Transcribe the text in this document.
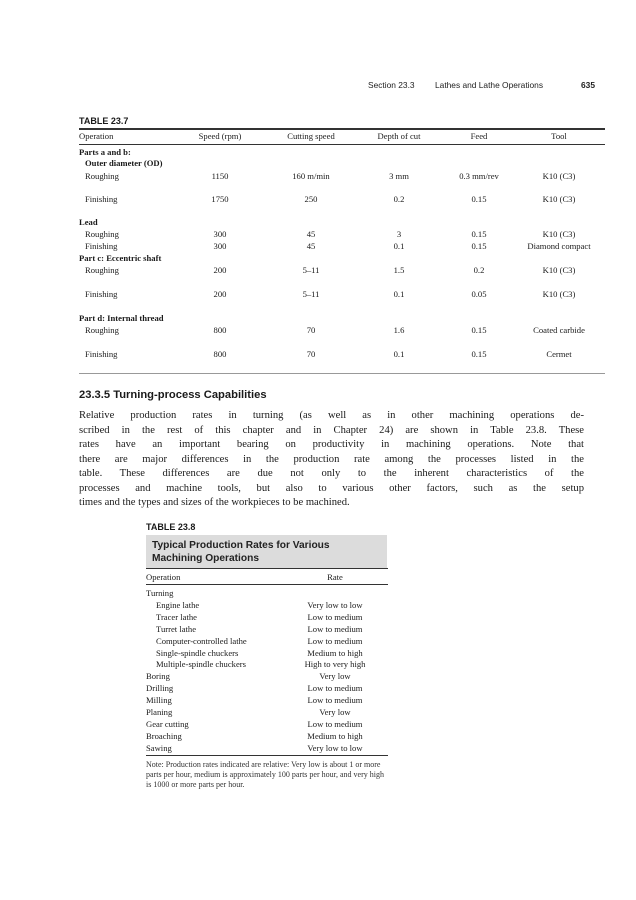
Section 23.3 Lathes and Lathe Operations	635
TABLE 23.7
Operation	Speed (rpm)	Cutting speed	Depth of cut	Feed	Tool
Parts a and b:
Outer diameter (OD)
Roughing	1150	160 m/min	3 mm	0.3 mm/rev	K10 (C3)
Finishing	1750	250	0.2	0.15	K10 (C3)
Lead
Roughing	300	45	3	0.15	K10 (C3)
Finishing	300	45	0.1	0.15	Diamond compact
Part c: Eccentric shaft
Roughing	200	5–11	1.5	0.2	K10 (C3)
Finishing	200	5–11	0.1	0.05	K10 (C3)
Part d: Internal thread
Roughing	800	70	1.6	0.15	Coated carbide
Finishing	800	70	0.1	0.15	Cermet
23.3.5 Turning-process Capabilities
Relative production rates in turning (as well as in other machining operations de-
scribed in the rest of this chapter and in Chapter 24) are shown in Table 23.8. These
rates have an important bearing on productivity in machining operations. Note that
there are major differences in the production rate among the processes listed in the
table. These differences are due not only to the inherent characteristics of the
processes and machine tools, but also to various other factors, such as the setup
times and the types and sizes of the workpieces to be machined.
TABLE 23.8
Typical Production Rates for Various Machining Operations
Operation	Rate
Turning
Engine lathe	Very low to low
Tracer lathe	Low to medium
Turret lathe	Low to medium
Computer-controlled lathe	Low to medium
Single-spindle chuckers	Medium to high
Multiple-spindle chuckers	High to very high
Boring	Very low
Drilling	Low to medium
Milling	Low to medium
Planing	Very low
Gear cutting	Low to medium
Broaching	Medium to high
Sawing	Very low to low
Note: Production rates indicated are relative: Very low is about 1 or more parts per hour, medium is approximately 100 parts per hour, and very high is 1000 or more parts per hour.
